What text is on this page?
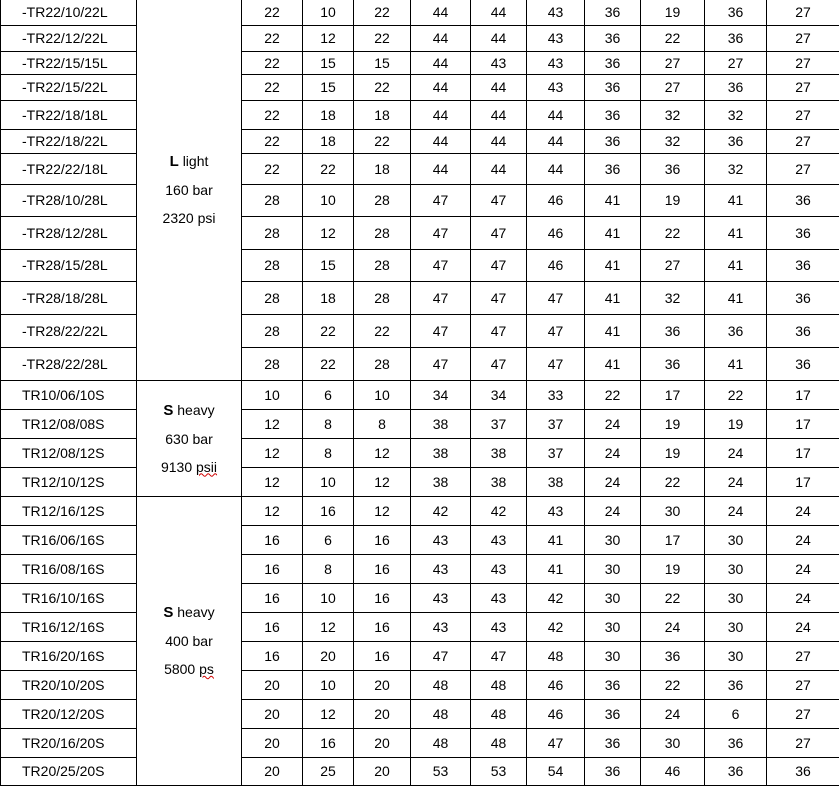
-TR22/10/22L	L light
160 bar
2320 psi	22	10	22	44	44	43	36	19	36	27
-TR22/12/22L		22	12	22	44	44	43	36	22	36	27
-TR22/15/15L		22	15	15	44	43	43	36	27	27	27
-TR22/15/22L		22	15	22	44	44	43	36	27	36	27
-TR22/18/18L		22	18	18	44	44	44	36	32	32	27
-TR22/18/22L		22	18	22	44	44	44	36	32	36	27
-TR22/22/18L		22	22	18	44	44	44	36	36	32	27
-TR28/10/28L		28	10	28	47	47	46	41	19	41	36
-TR28/12/28L		28	12	28	47	47	46	41	22	41	36
-TR28/15/28L		28	15	28	47	47	46	41	27	41	36
-TR28/18/28L		28	18	28	47	47	47	41	32	41	36
-TR28/22/22L		28	22	22	47	47	47	41	36	36	36
-TR28/22/28L		28	22	28	47	47	47	41	36	41	36
TR10/06/10S	S heavy
630 bar
9130 psii	10	6	10	34	34	33	22	17	22	17
TR12/08/08S		12	8	8	38	37	37	24	19	19	17
TR12/08/12S		12	8	12	38	38	37	24	19	24	17
TR12/10/12S		12	10	12	38	38	38	24	22	24	17
TR12/16/12S	S heavy
400 bar
5800 ps	12	16	12	42	42	43	24	30	24	24
TR16/06/16S		16	6	16	43	43	41	30	17	30	24
TR16/08/16S		16	8	16	43	43	41	30	19	30	24
TR16/10/16S		16	10	16	43	43	42	30	22	30	24
TR16/12/16S		16	12	16	43	43	42	30	24	30	24
TR16/20/16S		16	20	16	47	47	48	30	36	30	27
TR20/10/20S		20	10	20	48	48	46	36	22	36	27
TR20/12/20S		20	12	20	48	48	46	36	24	6	27
TR20/16/20S		20	16	20	48	48	47	36	30	36	27
TR20/25/20S		20	25	20	53	53	54	36	46	36	36
